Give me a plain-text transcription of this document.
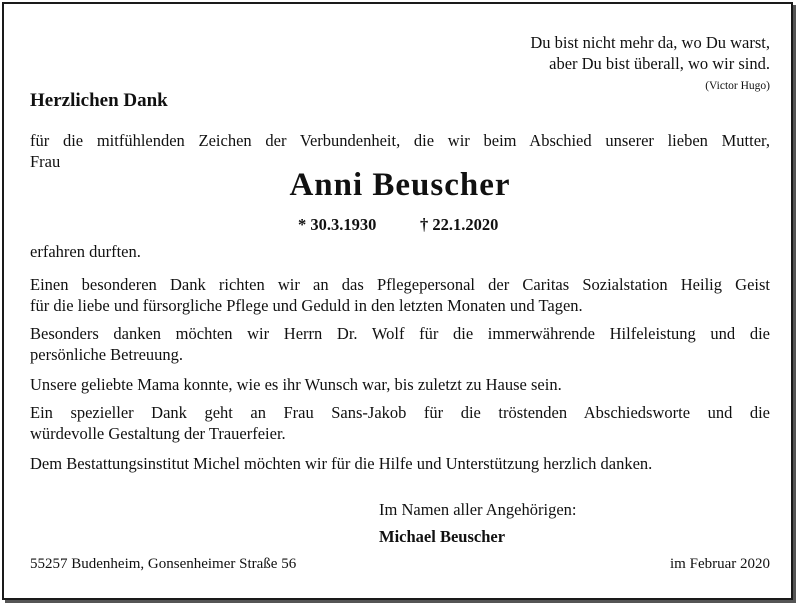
Du bist nicht mehr da, wo Du warst,
aber Du bist überall, wo wir sind.
(Victor Hugo)
Herzlichen Dank
für die mitfühlenden Zeichen der Verbundenheit, die wir beim Abschied unserer lieben Mutter,
Frau
Anni Beuscher
* 30.3.1930	† 22.1.2020
erfahren durften.
Einen besonderen Dank richten wir an das Pflegepersonal der Caritas Sozialstation Heilig Geist
für die liebe und fürsorgliche Pflege und Geduld in den letzten Monaten und Tagen.
Besonders danken möchten wir Herrn Dr. Wolf für die immerwährende Hilfeleistung und die
persönliche Betreuung.
Unsere geliebte Mama konnte, wie es ihr Wunsch war, bis zuletzt zu Hause sein.
Ein spezieller Dank geht an Frau Sans-Jakob für die tröstenden Abschiedsworte und die
würdevolle Gestaltung der Trauerfeier.
Dem Bestattungsinstitut Michel möchten wir für die Hilfe und Unterstützung herzlich danken.
Im Namen aller Angehörigen:
Michael Beuscher
55257 Budenheim, Gonsenheimer Straße 56	im Februar 2020
